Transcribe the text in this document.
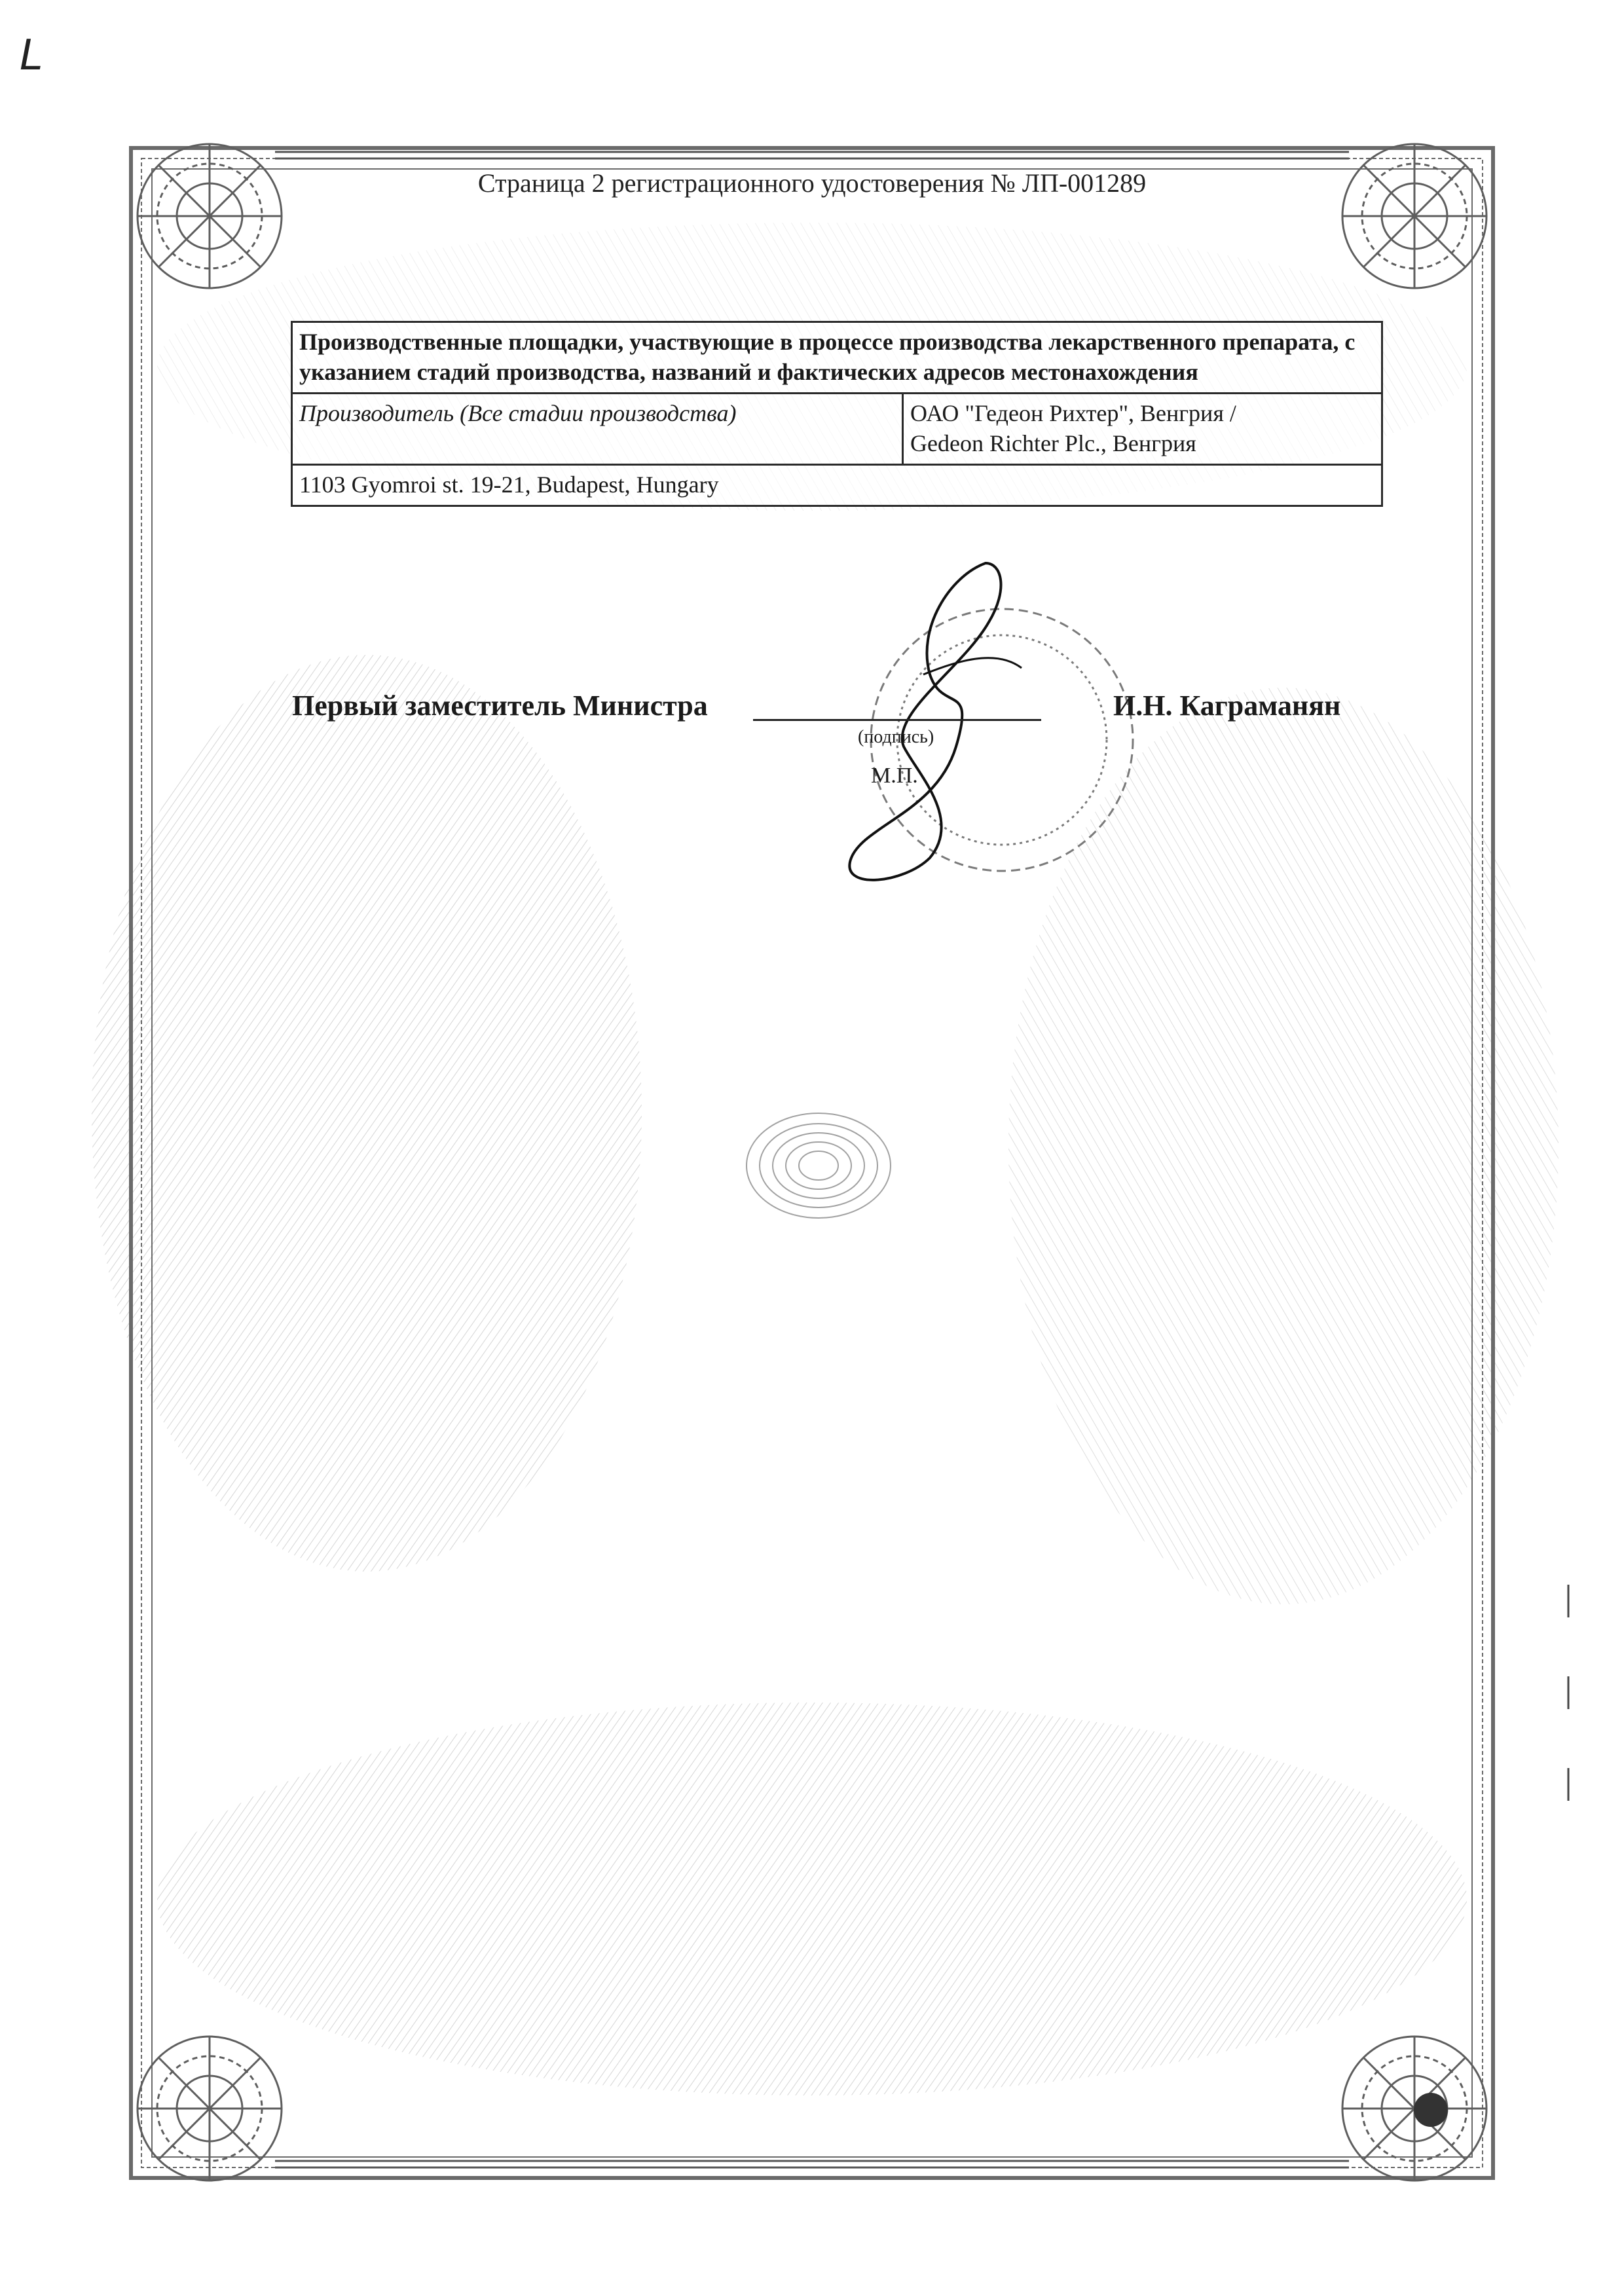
L
Страница 2 регистрационного удостоверения № ЛП-001289
Производственные площадки, участвующие в процессе производства лекарственного препарата, с указанием стадий производства, названий и фактических адресов местонахождения
Производитель (Все стадии производства)	ОАО "Гедеон Рихтер", Венгрия /
Gedeon Richter Plc., Венгрия
1103 Gyomroi st. 19-21, Budapest, Hungary
Первый заместитель Министра	И.Н. Каграманян
(подпись)
М.П.
